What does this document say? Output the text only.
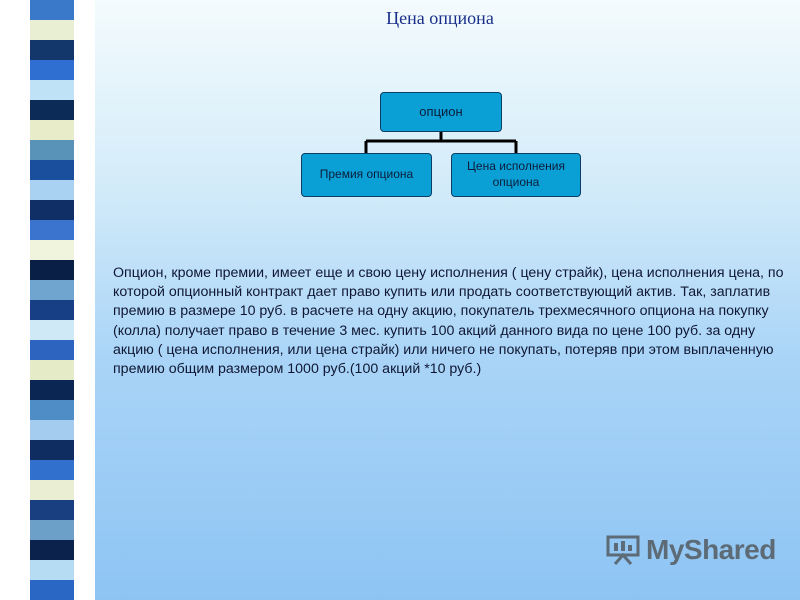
Цена опциона
опцион
Премия опциона
Цена исполнения опциона
Опцион, кроме премии, имеет еще и свою цену исполнения ( цену страйк), цена исполнения цена, по которой опционный контракт дает право купить или продать соответствующий актив. Так, заплатив премию в размере 10 руб. в расчете на одну акцию, покупатель трехмесячного опциона на покупку (колла) получает право в течение 3 мес. купить 100 акций данного вида по цене 100 руб. за одну акцию ( цена исполнения, или цена страйк) или ничего не покупать, потеряв при этом выплаченную премию общим размером 1000 руб.(100 акций *10 руб.)
MyShared
